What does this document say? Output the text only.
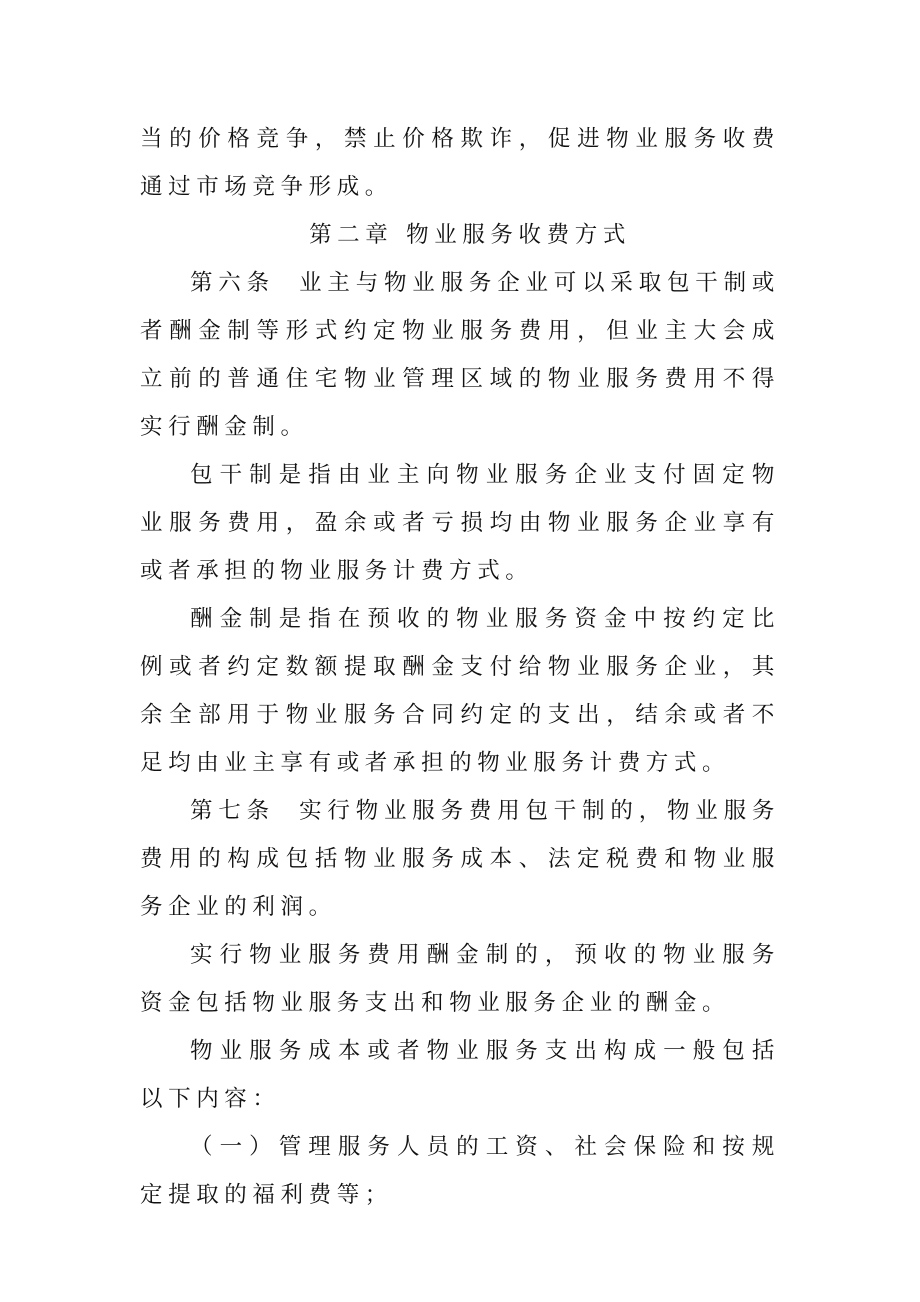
当的价格竞争，禁止价格欺诈，促进物业服务收费通过市场竞争形成。

第二章 物业服务收费方式

第六条 业主与物业服务企业可以采取包干制或者酬金制等形式约定物业服务费用，但业主大会成立前的普通住宅物业管理区域的物业服务费用不得实行酬金制。

包干制是指由业主向物业服务企业支付固定物业服务费用，盈余或者亏损均由物业服务企业享有或者承担的物业服务计费方式。

酬金制是指在预收的物业服务资金中按约定比例或者约定数额提取酬金支付给物业服务企业，其余全部用于物业服务合同约定的支出，结余或者不足均由业主享有或者承担的物业服务计费方式。

第七条 实行物业服务费用包干制的，物业服务费用的构成包括物业服务成本、法定税费和物业服务企业的利润。

实行物业服务费用酬金制的，预收的物业服务资金包括物业服务支出和物业服务企业的酬金。

物业服务成本或者物业服务支出构成一般包括以下内容：

（一）管理服务人员的工资、社会保险和按规定提取的福利费等；
